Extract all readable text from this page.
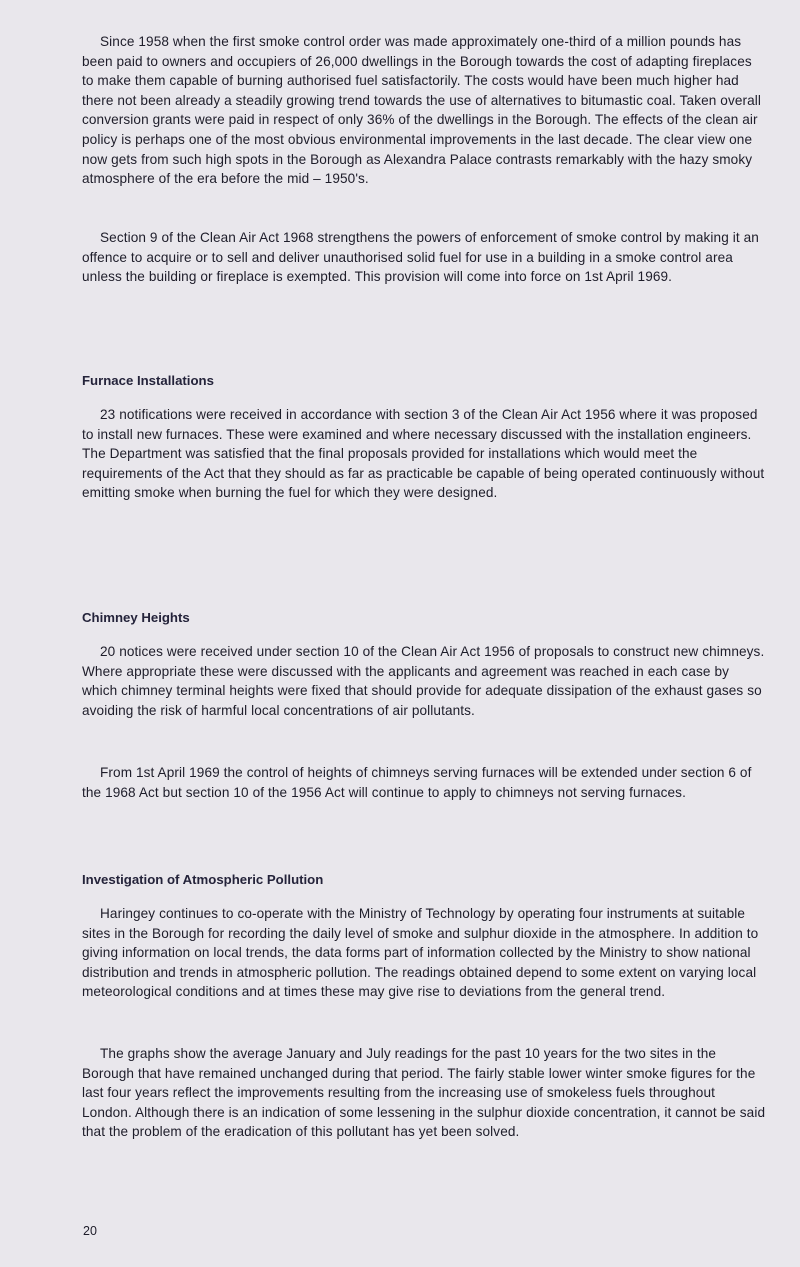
Since 1958 when the first smoke control order was made approximately one-third of a million pounds has been paid to owners and occupiers of 26,000 dwellings in the Borough towards the cost of adapting fireplaces to make them capable of burning authorised fuel satisfactorily. The costs would have been much higher had there not been already a steadily growing trend towards the use of alternatives to bitumastic coal. Taken overall conversion grants were paid in respect of only 36% of the dwellings in the Borough. The effects of the clean air policy is perhaps one of the most obvious environmental improvements in the last decade. The clear view one now gets from such high spots in the Borough as Alexandra Palace contrasts remarkably with the hazy smoky atmosphere of the era before the mid – 1950's.

Section 9 of the Clean Air Act 1968 strengthens the powers of enforcement of smoke control by making it an offence to acquire or to sell and deliver unauthorised solid fuel for use in a building in a smoke control area unless the building or fireplace is exempted. This provision will come into force on 1st April 1969.

Furnace Installations

23 notifications were received in accordance with section 3 of the Clean Air Act 1956 where it was proposed to install new furnaces. These were examined and where necessary discussed with the installation engineers. The Department was satisfied that the final proposals provided for installations which would meet the requirements of the Act that they should as far as practicable be capable of being operated continuously without emitting smoke when burning the fuel for which they were designed.

Chimney Heights

20 notices were received under section 10 of the Clean Air Act 1956 of proposals to construct new chimneys. Where appropriate these were discussed with the applicants and agreement was reached in each case by which chimney terminal heights were fixed that should provide for adequate dissipation of the exhaust gases so avoiding the risk of harmful local concentrations of air pollutants.

From 1st April 1969 the control of heights of chimneys serving furnaces will be extended under section 6 of the 1968 Act but section 10 of the 1956 Act will continue to apply to chimneys not serving furnaces.

Investigation of Atmospheric Pollution

Haringey continues to co-operate with the Ministry of Technology by operating four instruments at suitable sites in the Borough for recording the daily level of smoke and sulphur dioxide in the atmosphere. In addition to giving information on local trends, the data forms part of information collected by the Ministry to show national distribution and trends in atmospheric pollution. The readings obtained depend to some extent on varying local meteorological conditions and at times these may give rise to deviations from the general trend.

The graphs show the average January and July readings for the past 10 years for the two sites in the Borough that have remained unchanged during that period. The fairly stable lower winter smoke figures for the last four years reflect the improvements resulting from the increasing use of smokeless fuels throughout London. Although there is an indication of some lessening in the sulphur dioxide concentration, it cannot be said that the problem of the eradication of this pollutant has yet been solved.

20
